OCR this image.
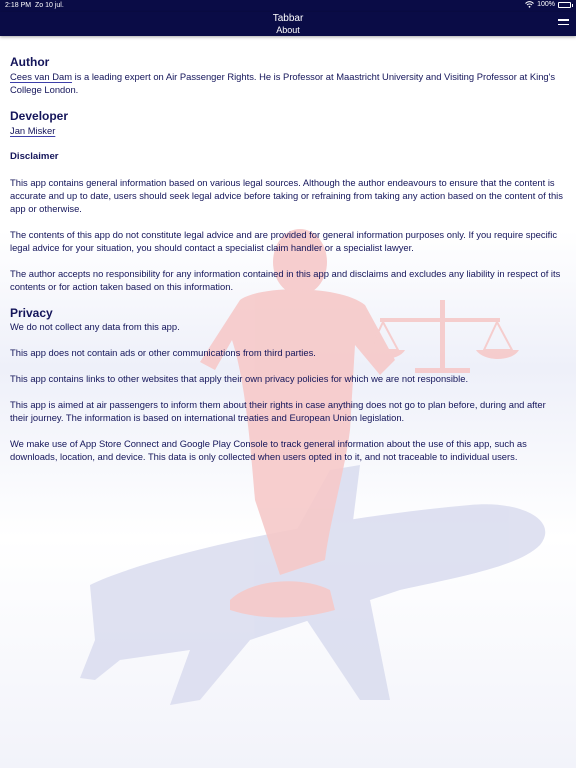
2:18 PM Zo 10 jul.	100%
Tabbar
About
Author

Cees van Dam is a leading expert on Air Passenger Rights. He is Professor at Maastricht University and Visiting Professor at King's College London.

Developer

Jan Misker

Disclaimer

This app contains general information based on various legal sources. Although the author endeavours to ensure that the content is accurate and up to date, users should seek legal advice before taking or refraining from taking any action based on the content of this app or otherwise.

The contents of this app do not constitute legal advice and are provided for general information purposes only. If you require specific legal advice for your situation, you should contact a specialist claim handler or a specialist lawyer.

The author accepts no responsibility for any information contained in this app and disclaims and excludes any liability in respect of its contents or for action taken based on this information.

Privacy

We do not collect any data from this app.

This app does not contain ads or other communications from third parties.

This app contains links to other websites that apply their own privacy policies for which we are not responsible.

This app is aimed at air passengers to inform them about their rights in case anything does not go to plan before, during and after their journey. The information is based on international treaties and European Union legislation.

We make use of App Store Connect and Google Play Console to track general information about the use of this app, such as downloads, location, and device. This data is only collected when users opted in to it, and not traceable to individual users.
